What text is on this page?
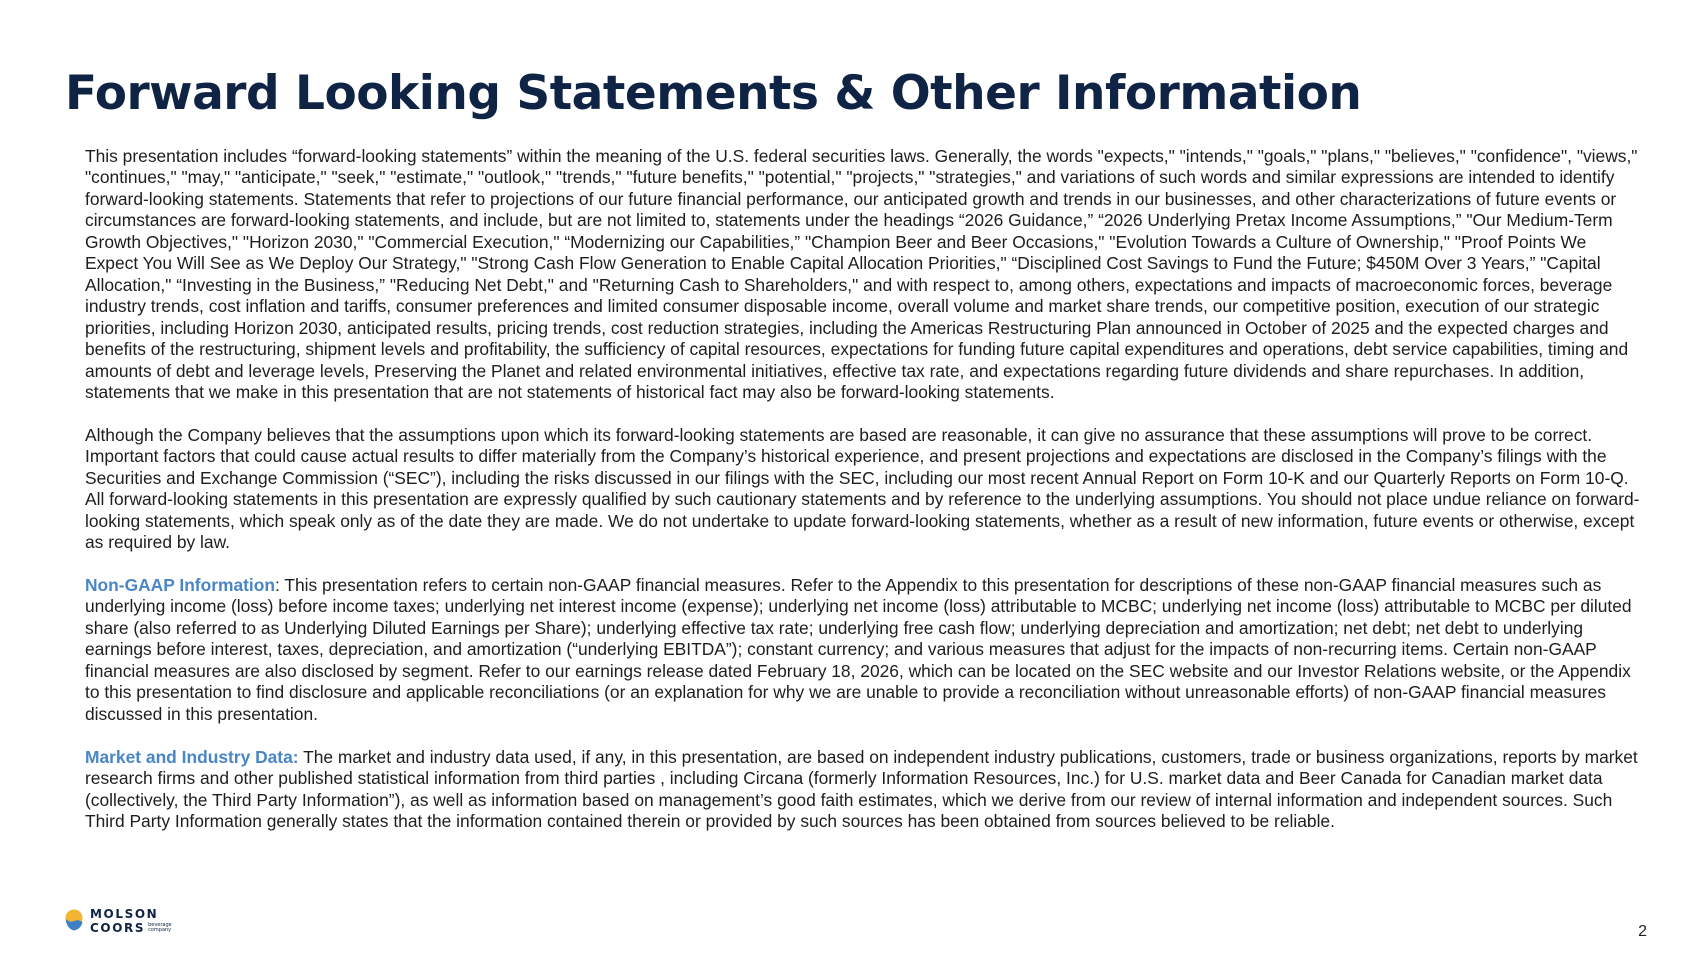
Forward Looking Statements & Other Information

This presentation includes “forward-looking statements” within the meaning of the U.S. federal securities laws. Generally, the words "expects," "intends," "goals," "plans," "believes," "confidence", "views," "continues," "may," "anticipate," "seek," "estimate," "outlook," "trends," "future benefits," "potential," "projects," "strategies," and variations of such words and similar expressions are intended to identify forward-looking statements. Statements that refer to projections of our future financial performance, our anticipated growth and trends in our businesses, and other characterizations of future events or circumstances are forward-looking statements, and include, but are not limited to, statements under the headings “2026 Guidance,” “2026 Underlying Pretax Income Assumptions,” "Our Medium-Term Growth Objectives," "Horizon 2030," "Commercial Execution," “Modernizing our Capabilities,” "Champion Beer and Beer Occasions," "Evolution Towards a Culture of Ownership," "Proof Points We Expect You Will See as We Deploy Our Strategy," "Strong Cash Flow Generation to Enable Capital Allocation Priorities," “Disciplined Cost Savings to Fund the Future; $450M Over 3 Years,” "Capital Allocation," “Investing in the Business,” "Reducing Net Debt," and "Returning Cash to Shareholders," and with respect to, among others, expectations and impacts of macroeconomic forces, beverage industry trends, cost inflation and tariffs, consumer preferences and limited consumer disposable income, overall volume and market share trends, our competitive position, execution of our strategic priorities, including Horizon 2030, anticipated results, pricing trends, cost reduction strategies, including the Americas Restructuring Plan announced in October of 2025 and the expected charges and benefits of the restructuring, shipment levels and profitability, the sufficiency of capital resources, expectations for funding future capital expenditures and operations, debt service capabilities, timing and amounts of debt and leverage levels, Preserving the Planet and related environmental initiatives, effective tax rate, and expectations regarding future dividends and share repurchases. In addition, statements that we make in this presentation that are not statements of historical fact may also be forward-looking statements.

Although the Company believes that the assumptions upon which its forward-looking statements are based are reasonable, it can give no assurance that these assumptions will prove to be correct. Important factors that could cause actual results to differ materially from the Company’s historical experience, and present projections and expectations are disclosed in the Company’s filings with the Securities and Exchange Commission (“SEC”), including the risks discussed in our filings with the SEC, including our most recent Annual Report on Form 10-K and our Quarterly Reports on Form 10-Q. All forward-looking statements in this presentation are expressly qualified by such cautionary statements and by reference to the underlying assumptions. You should not place undue reliance on forward-looking statements, which speak only as of the date they are made. We do not undertake to update forward-looking statements, whether as a result of new information, future events or otherwise, except as required by law.

Non-GAAP Information: This presentation refers to certain non-GAAP financial measures. Refer to the Appendix to this presentation for descriptions of these non-GAAP financial measures such as underlying income (loss) before income taxes; underlying net interest income (expense); underlying net income (loss) attributable to MCBC; underlying net income (loss) attributable to MCBC per diluted share (also referred to as Underlying Diluted Earnings per Share); underlying effective tax rate; underlying free cash flow; underlying depreciation and amortization; net debt; net debt to underlying earnings before interest, taxes, depreciation, and amortization (“underlying EBITDA”); constant currency; and various measures that adjust for the impacts of non-recurring items. Certain non-GAAP financial measures are also disclosed by segment. Refer to our earnings release dated February 18, 2026, which can be located on the SEC website and our Investor Relations website, or the Appendix to this presentation to find disclosure and applicable reconciliations (or an explanation for why we are unable to provide a reconciliation without unreasonable efforts) of non-GAAP financial measures discussed in this presentation.

Market and Industry Data: The market and industry data used, if any, in this presentation, are based on independent industry publications, customers, trade or business organizations, reports by market research firms and other published statistical information from third parties , including Circana (formerly Information Resources, Inc.) for U.S. market data and Beer Canada for Canadian market data (collectively, the Third Party Information”), as well as information based on management’s good faith estimates, which we derive from our review of internal information and independent sources. Such Third Party Information generally states that the information contained therein or provided by such sources has been obtained from sources believed to be reliable.

MOLSON
COORS beverage
company	2
